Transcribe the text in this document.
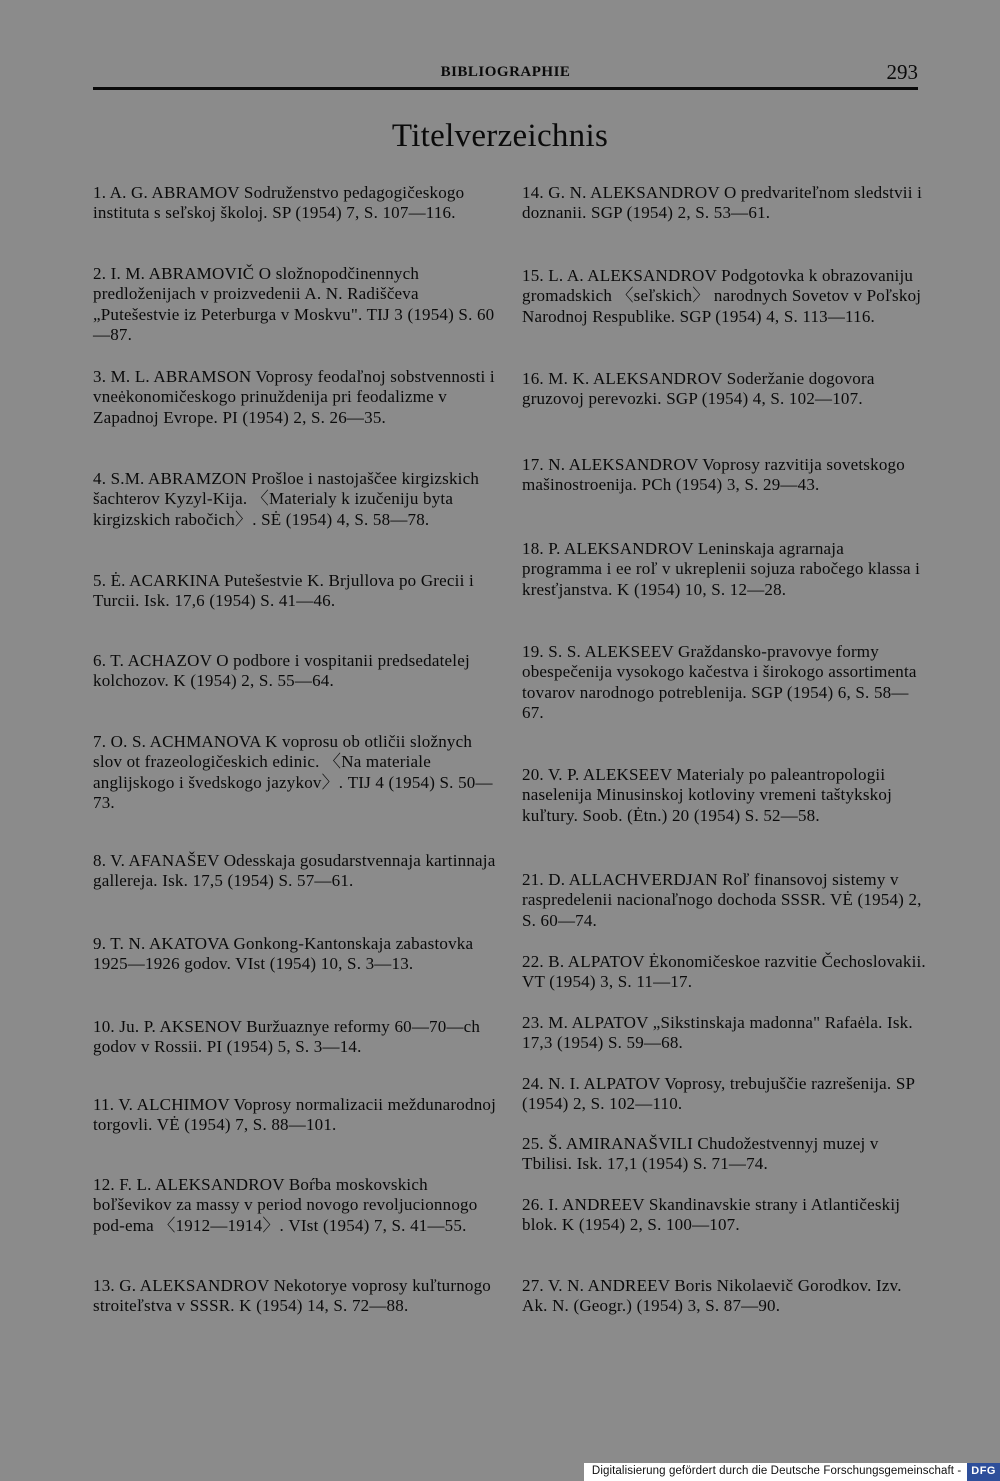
BIBLIOGRAPHIE	293
Titelverzeichnis

1. A. G. ABRAMOV Sodruženstvo pedagogičeskogo instituta s seľskoj školoj. SP (1954) 7, S. 107—116.

2. I. M. ABRAMOVIČ O složnopodčinennych predloženijach v proizvedenii A. N. Radiščeva „Putešestvie iz Peterburga v Moskvu". TIJ 3 (1954) S. 60—87.

3. M. L. ABRAMSON Voprosy feodaľnoj sobstvennosti i vneėkonomičeskogo prinuždenija pri feodalizme v Zapadnoj Evrope. PI (1954) 2, S. 26—35.

4. S.M. ABRAMZON Prošloe i nastojaščee kirgizskich šachterov Kyzyl-Kija. 〈Materialy k izučeniju byta kirgizskich rabočich〉. SĖ (1954) 4, S. 58—78.

5. Ė. ACARKINA Putešestvie K. Brjullova po Grecii i Turcii. Isk. 17,6 (1954) S. 41—46.

6. T. ACHAZOV O podbore i vospitanii predsedatelej kolchozov. K (1954) 2, S. 55—64.

7. O. S. ACHMANOVA K voprosu ob otličii složnych slov ot frazeologičeskich edinic. 〈Na materiale anglijskogo i švedskogo jazykov〉. TIJ 4 (1954) S. 50—73.

8. V. AFANAŠEV Odesskaja gosudarstvennaja kartinnaja gallereja. Isk. 17,5 (1954) S. 57—61.

9. T. N. AKATOVA Gonkong-Kantonskaja zabastovka 1925—1926 godov. VIst (1954) 10, S. 3—13.

10. Ju. P. AKSENOV Buržuaznye reformy 60—70—ch godov v Rossii. PI (1954) 5, S. 3—14.

11. V. ALCHIMOV Voprosy normalizacii meždunarodnoj torgovli. VĖ (1954) 7, S. 88—101.

12. F. L. ALEKSANDROV Boŕba moskovskich boľševikov za massy v period novogo revoljucionnogo pod-ema 〈1912—1914〉. VIst (1954) 7, S. 41—55.

13. G. ALEKSANDROV Nekotorye voprosy kuľturnogo stroiteľstva v SSSR. K (1954) 14, S. 72—88.

14. G. N. ALEKSANDROV O predvariteľnom sledstvii i doznanii. SGP (1954) 2, S. 53—61.

15. L. A. ALEKSANDROV Podgotovka k obrazovaniju gromadskich 〈seľskich〉 narodnych Sovetov v Poľskoj Narodnoj Respublike. SGP (1954) 4, S. 113—116.

16. M. K. ALEKSANDROV Soderžanie dogovora gruzovoj perevozki. SGP (1954) 4, S. 102—107.

17. N. ALEKSANDROV Voprosy razvitija sovetskogo mašinostroenija. PCh (1954) 3, S. 29—43.

18. P. ALEKSANDROV Leninskaja agrarnaja programma i ee roľ v ukreplenii sojuza rabočego klassa i kresťjanstva. K (1954) 10, S. 12—28.

19. S. S. ALEKSEEV Graždansko-pravovye formy obespečenija vysokogo kačestva i širokogo assortimenta tovarov narodnogo potreblenija. SGP (1954) 6, S. 58—67.

20. V. P. ALEKSEEV Materialy po paleantropologii naselenija Minusinskoj kotloviny vremeni taštykskoj kuľtury. Soob. (Ėtn.) 20 (1954) S. 52—58.

21. D. ALLACHVERDJAN Roľ finansovoj sistemy v raspredelenii nacionaľnogo dochoda SSSR. VĖ (1954) 2, S. 60—74.

22. B. ALPATOV Ėkonomičeskoe razvitie Čechoslovakii. VT (1954) 3, S. 11—17.

23. M. ALPATOV „Sikstinskaja madonna" Rafaėla. Isk. 17,3 (1954) S. 59—68.

24. N. I. ALPATOV Voprosy, trebujuščie razrešenija. SP (1954) 2, S. 102—110.

25. Š. AMIRANAŠVILI Chudožestvennyj muzej v Tbilisi. Isk. 17,1 (1954) S. 71—74.

26. I. ANDREEV Skandinavskie strany i Atlantičeskij blok. K (1954) 2, S. 100—107.

27. V. N. ANDREEV Boris Nikolaevič Gorodkov. Izv. Ak. N. (Geogr.) (1954) 3, S. 87—90.

Digitalisierung gefördert durch die Deutsche Forschungsgemeinschaft - DFG
